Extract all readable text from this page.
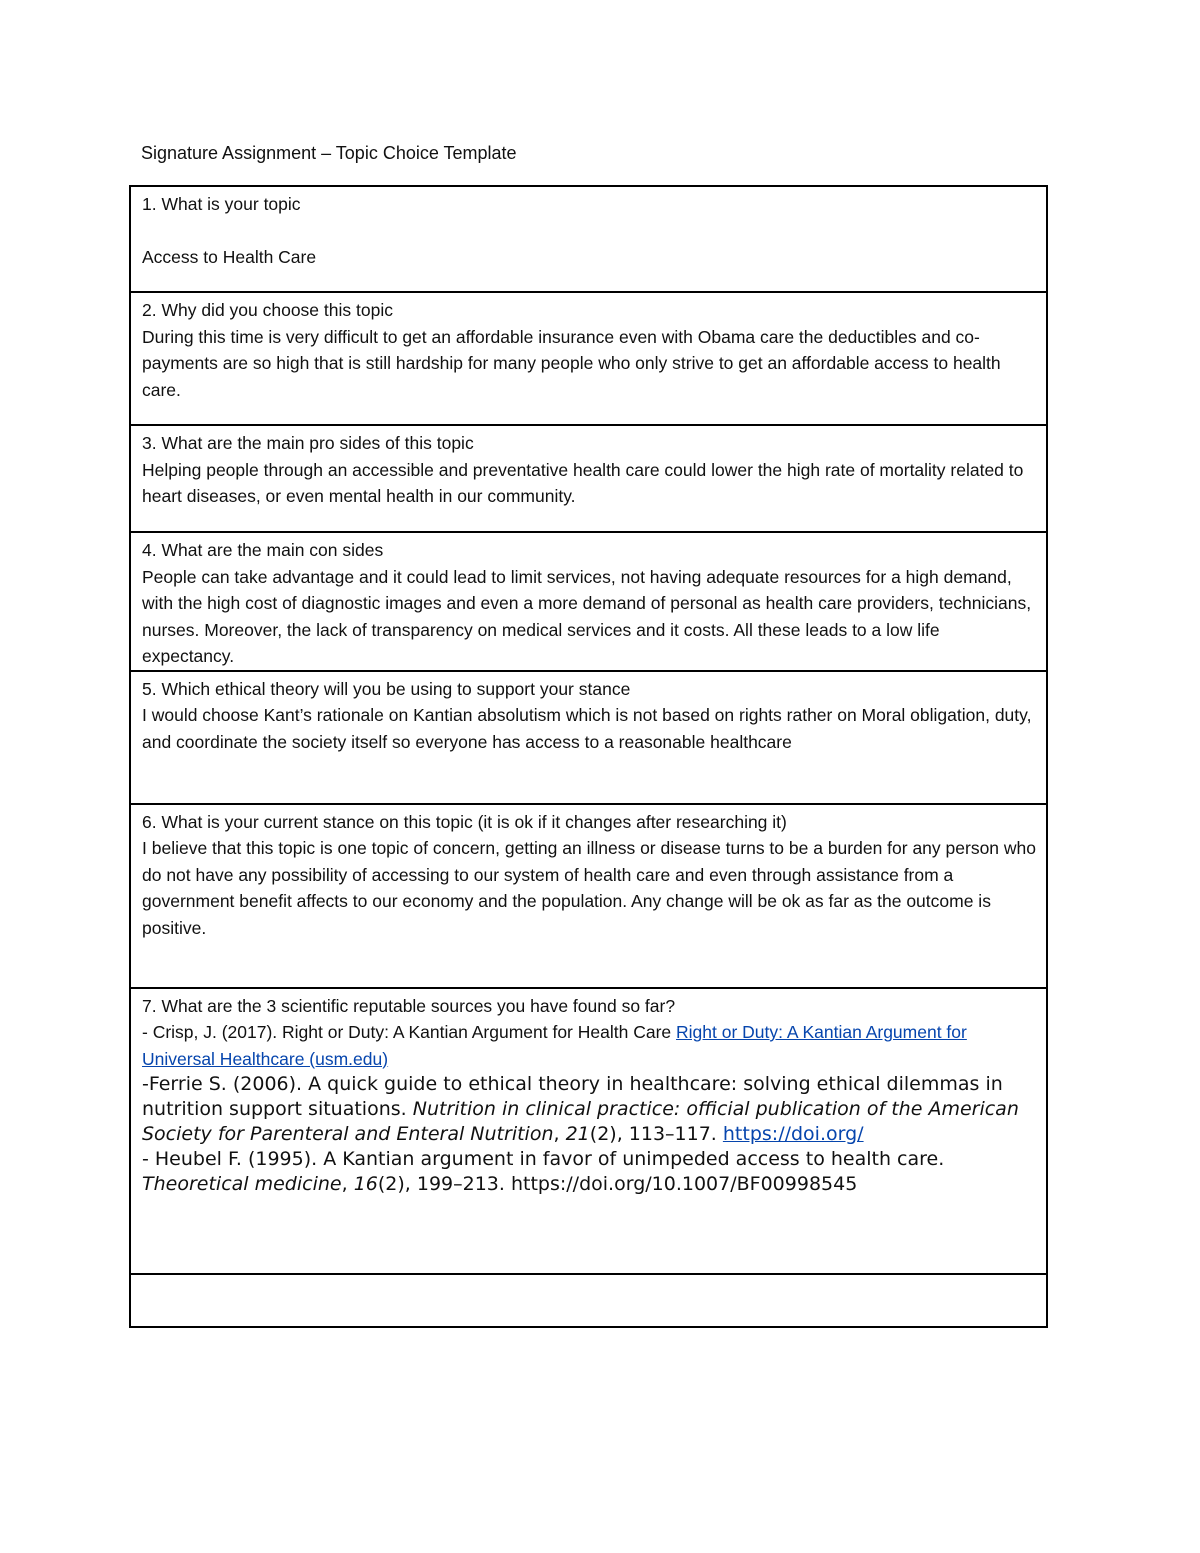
Signature Assignment – Topic Choice Template
1. What is your topic
Access to Health Care

2. Why did you choose this topic
During this time is very difficult to get an affordable insurance even with Obama care the deductibles and co-payments are so high that is still hardship for many people who only strive to get an affordable access to health care.

3. What are the main pro sides of this topic
Helping people through an accessible and preventative health care could lower the high rate of mortality related to heart diseases, or even mental health in our community.

4. What are the main con sides
People can take advantage and it could lead to limit services, not having adequate resources for a high demand, with the high cost of diagnostic images and even a more demand of personal as health care providers, technicians, nurses. Moreover, the lack of transparency on medical services and it costs. All these leads to a low life expectancy.

5. Which ethical theory will you be using to support your stance
I would choose Kant’s rationale on Kantian absolutism which is not based on rights rather on Moral obligation, duty, and coordinate the society itself so everyone has access to a reasonable healthcare

6. What is your current stance on this topic (it is ok if it changes after researching it)
I believe that this topic is one topic of concern, getting an illness or disease turns to be a burden for any person who do not have any possibility of accessing to our system of health care and even through assistance from a government benefit affects to our economy and the population. Any change will be ok as far as the outcome is positive.

7. What are the 3 scientific reputable sources you have found so far?
- Crisp, J. (2017). Right or Duty: A Kantian Argument for Health Care Right or Duty: A Kantian Argument for Universal Healthcare (usm.edu)
-Ferrie S. (2006). A quick guide to ethical theory in healthcare: solving ethical dilemmas in nutrition support situations. Nutrition in clinical practice: official publication of the American Society for Parenteral and Enteral Nutrition, 21(2), 113–117. https://doi.org/
- Heubel F. (1995). A Kantian argument in favor of unimpeded access to health care. Theoretical medicine, 16(2), 199–213. https://doi.org/10.1007/BF00998545
